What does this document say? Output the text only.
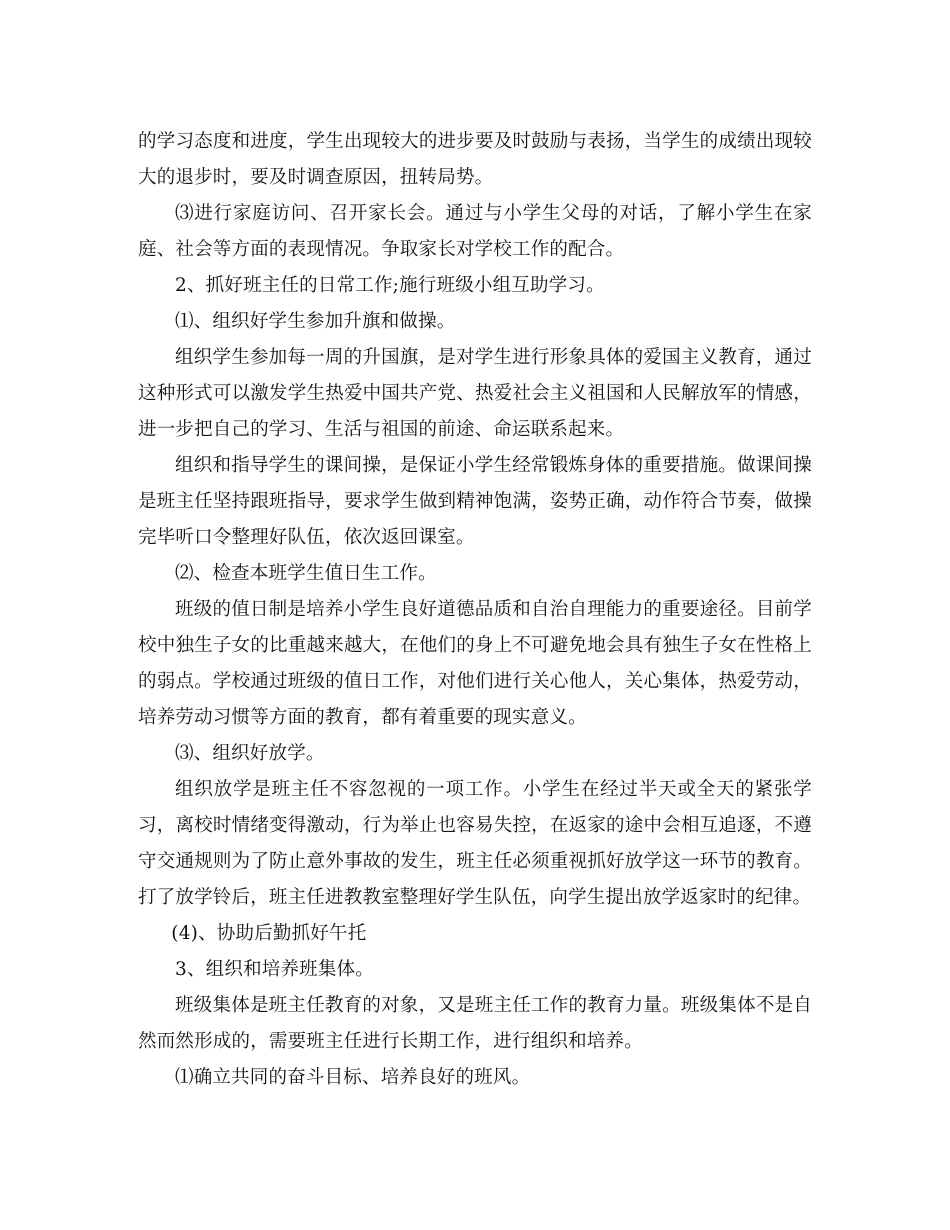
的学习态度和进度，学生出现较大的进步要及时鼓励与表扬，当学生的成绩出现较大的退步时，要及时调查原因，扭转局势。

⑶进行家庭访问、召开家长会。通过与小学生父母的对话，了解小学生在家庭、社会等方面的表现情况。争取家长对学校工作的配合。

2、抓好班主任的日常工作;施行班级小组互助学习。

⑴、组织好学生参加升旗和做操。

组织学生参加每一周的升国旗，是对学生进行形象具体的爱国主义教育，通过这种形式可以激发学生热爱中国共产党、热爱社会主义祖国和人民解放军的情感，进一步把自己的学习、生活与祖国的前途、命运联系起来。

组织和指导学生的课间操，是保证小学生经常锻炼身体的重要措施。做课间操是班主任坚持跟班指导，要求学生做到精神饱满，姿势正确，动作符合节奏，做操完毕听口令整理好队伍，依次返回课室。

⑵、检查本班学生值日生工作。

班级的值日制是培养小学生良好道德品质和自治自理能力的重要途径。目前学校中独生子女的比重越来越大，在他们的身上不可避免地会具有独生子女在性格上的弱点。学校通过班级的值日工作，对他们进行关心他人，关心集体，热爱劳动，培养劳动习惯等方面的教育，都有着重要的现实意义。

⑶、组织好放学。

组织放学是班主任不容忽视的一项工作。小学生在经过半天或全天的紧张学习，离校时情绪变得激动，行为举止也容易失控，在返家的途中会相互追逐，不遵守交通规则为了防止意外事故的发生，班主任必须重视抓好放学这一环节的教育。打了放学铃后，班主任进教教室整理好学生队伍，向学生提出放学返家时的纪律。

(4)、协助后勤抓好午托

3、组织和培养班集体。

班级集体是班主任教育的对象，又是班主任工作的教育力量。班级集体不是自然而然形成的，需要班主任进行长期工作，进行组织和培养。

⑴确立共同的奋斗目标、培养良好的班风。
